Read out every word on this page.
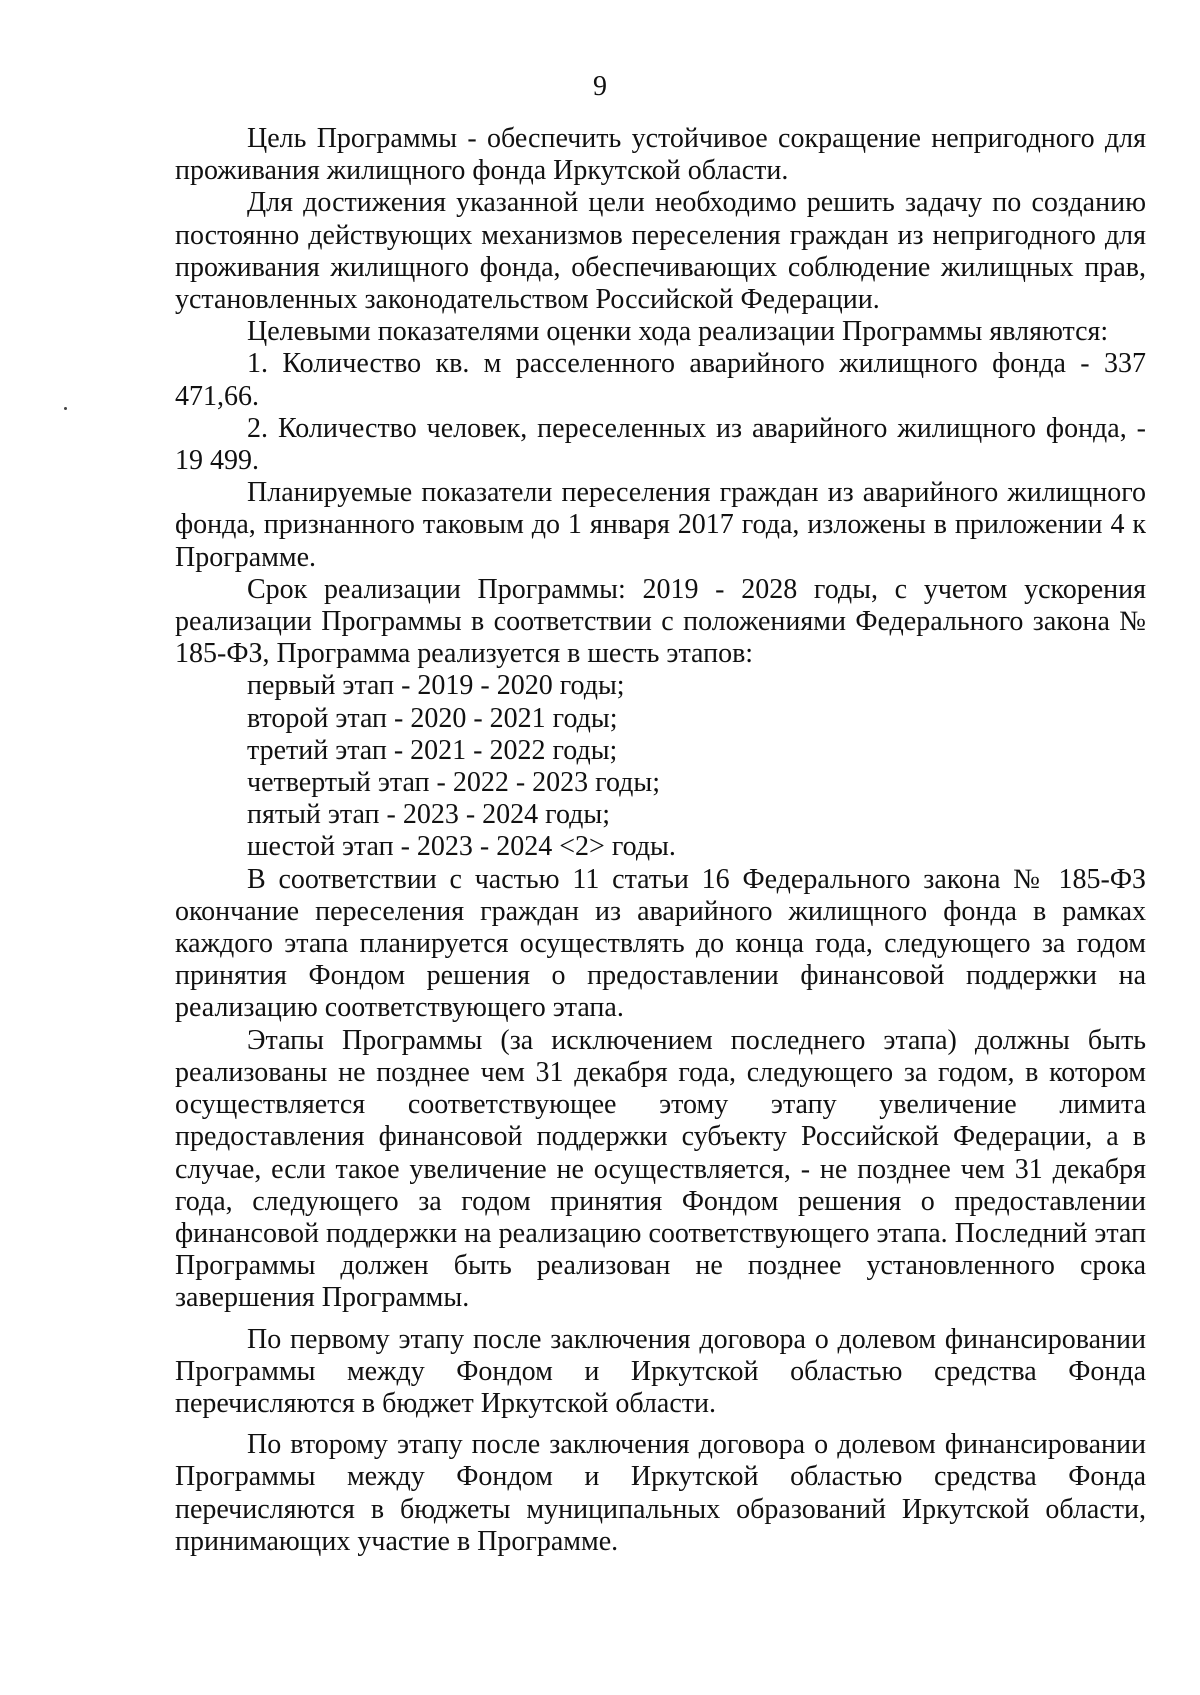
9

Цель Программы - обеспечить устойчивое сокращение непригодного для проживания жилищного фонда Иркутской области.

Для достижения указанной цели необходимо решить задачу по созданию постоянно действующих механизмов переселения граждан из непригодного для проживания жилищного фонда, обеспечивающих соблюдение жилищных прав, установленных законодательством Российской Федерации.

Целевыми показателями оценки хода реализации Программы являются:

1. Количество кв. м расселенного аварийного жилищного фонда - 337 471,66.

2. Количество человек, переселенных из аварийного жилищного фонда, - 19 499.

Планируемые показатели переселения граждан из аварийного жилищного фонда, признанного таковым до 1 января 2017 года, изложены в приложении 4 к Программе.

Срок реализации Программы: 2019 - 2028 годы, с учетом ускорения реализации Программы в соответствии с положениями Федерального закона № 185-ФЗ, Программа реализуется в шесть этапов:

первый этап - 2019 - 2020 годы;

второй этап - 2020 - 2021 годы;

третий этап - 2021 - 2022 годы;

четвертый этап - 2022 - 2023 годы;

пятый этап - 2023 - 2024 годы;

шестой этап - 2023 - 2024 <2> годы.

В соответствии с частью 11 статьи 16 Федерального закона № 185-ФЗ окончание переселения граждан из аварийного жилищного фонда в рамках каждого этапа планируется осуществлять до конца года, следующего за годом принятия Фондом решения о предоставлении финансовой поддержки на реализацию соответствующего этапа.

Этапы Программы (за исключением последнего этапа) должны быть реализованы не позднее чем 31 декабря года, следующего за годом, в котором осуществляется соответствующее этому этапу увеличение лимита предоставления финансовой поддержки субъекту Российской Федерации, а в случае, если такое увеличение не осуществляется, - не позднее чем 31 декабря года, следующего за годом принятия Фондом решения о предоставлении финансовой поддержки на реализацию соответствующего этапа. Последний этап Программы должен быть реализован не позднее установленного срока завершения Программы.

По первому этапу после заключения договора о долевом финансировании Программы между Фондом и Иркутской областью средства Фонда перечисляются в бюджет Иркутской области.

По второму этапу после заключения договора о долевом финансировании Программы между Фондом и Иркутской областью средства Фонда перечисляются в бюджеты муниципальных образований Иркутской области, принимающих участие в Программе.
